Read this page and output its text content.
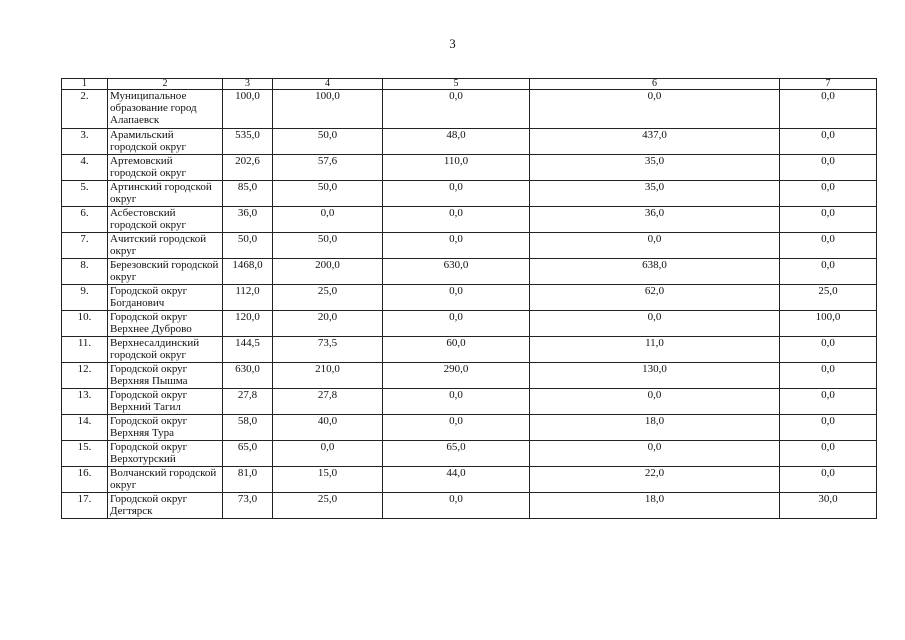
3
1	2	3	4	5	6	7
2.	Муниципальное образование город Алапаевск	100,0	100,0	0,0	0,0	0,0
3.	Арамильский городской округ	535,0	50,0	48,0	437,0	0,0
4.	Артемовский городской округ	202,6	57,6	110,0	35,0	0,0
5.	Артинский городской округ	85,0	50,0	0,0	35,0	0,0
6.	Асбестовский городской округ	36,0	0,0	0,0	36,0	0,0
7.	Ачитский городской округ	50,0	50,0	0,0	0,0	0,0
8.	Березовский городской округ	1468,0	200,0	630,0	638,0	0,0
9.	Городской округ Богданович	112,0	25,0	0,0	62,0	25,0
10.	Городской округ Верхнее Дуброво	120,0	20,0	0,0	0,0	100,0
11.	Верхнесалдинский городской округ	144,5	73,5	60,0	11,0	0,0
12.	Городской округ Верхняя Пышма	630,0	210,0	290,0	130,0	0,0
13.	Городской округ Верхний Тагил	27,8	27,8	0,0	0,0	0,0
14.	Городской округ Верхняя Тура	58,0	40,0	0,0	18,0	0,0
15.	Городской округ Верхотурский	65,0	0,0	65,0	0,0	0,0
16.	Волчанский городской округ	81,0	15,0	44,0	22,0	0,0
17.	Городской округ Дегтярск	73,0	25,0	0,0	18,0	30,0
